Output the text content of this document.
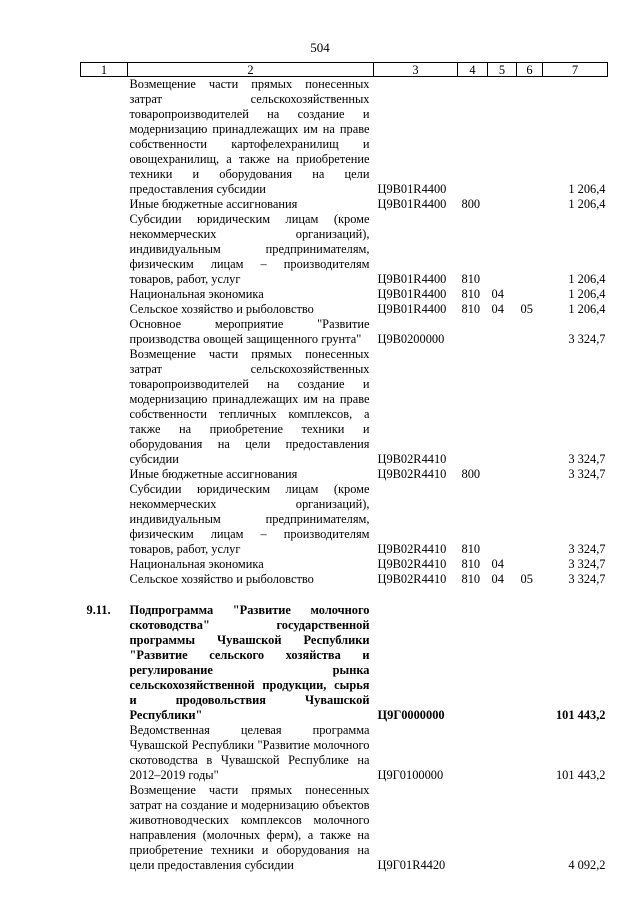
504
1	2	3	4	5	6	7
	Возмещение части прямых понесенных затрат сельскохозяйственных товаропроизводителей на создание и модернизацию принадлежащих им на праве собственности картофелехранилищ и овощехранилищ, а также на приобретение техники и оборудования на цели предоставления субсидии	Ц9В01R4400				1 206,4
	Иные бюджетные ассигнования	Ц9В01R4400	800			1 206,4
	Субсидии юридическим лицам (кроме некоммерческих организаций), индивидуальным предпринимателям, физическим лицам – производителям товаров, работ, услуг	Ц9В01R4400	810			1 206,4
	Национальная экономика	Ц9В01R4400	810	04		1 206,4
	Сельское хозяйство и рыболовство	Ц9В01R4400	810	04	05	1 206,4
	Основное мероприятие "Развитие производства овощей защищенного грунта"	Ц9В0200000				3 324,7
	Возмещение части прямых понесенных затрат сельскохозяйственных товаропроизводителей на создание и модернизацию принадлежащих им на праве собственности тепличных комплексов, а также на приобретение техники и оборудования на цели предоставления субсидии	Ц9В02R4410				3 324,7
	Иные бюджетные ассигнования	Ц9В02R4410	800			3 324,7
	Субсидии юридическим лицам (кроме некоммерческих организаций), индивидуальным предпринимателям, физическим лицам – производителям товаров, работ, услуг	Ц9В02R4410	810			3 324,7
	Национальная экономика	Ц9В02R4410	810	04		3 324,7
	Сельское хозяйство и рыболовство	Ц9В02R4410	810	04	05	3 324,7

9.11.	Подпрограмма "Развитие молочного скотоводства" государственной программы Чувашской Республики "Развитие сельского хозяйства и регулирование рынка сельскохозяйственной продукции, сырья и продовольствия Чувашской Республики"	Ц9Г0000000				101 443,2
	Ведомственная целевая программа Чувашской Республики "Развитие молочного скотоводства в Чувашской Республике на 2012–2019 годы"	Ц9Г0100000				101 443,2
	Возмещение части прямых понесенных затрат на создание и модернизацию объектов животноводческих комплексов молочного направления (молочных ферм), а также на приобретение техники и оборудования на цели предоставления субсидии	Ц9Г01R4420				4 092,2
